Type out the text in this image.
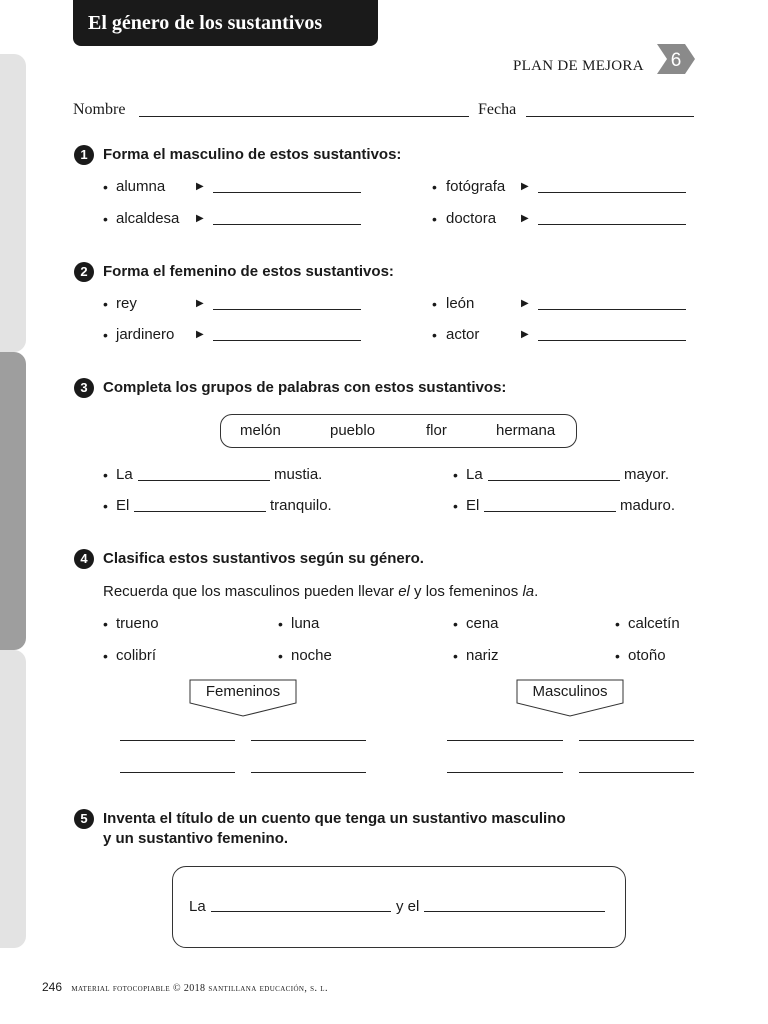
El género de los sustantivos
PLAN DE MEJORA 6
Nombre	Fecha
1	Forma el masculino de estos sustantivos:
• alumna	▶	• fotógrafa ▶
• alcaldesa ▶	• doctora ▶
2	Forma el femenino de estos sustantivos:
• rey	▶	• león	▶
• jardinero ▶	• actor	▶
3	Completa los grupos de palabras con estos sustantivos:
melón	pueblo	flor	hermana
• La	mustia.	• La	mayor.
• El	tranquilo.	• El	maduro.
4	Clasifica estos sustantivos según su género.
Recuerda que los masculinos pueden llevar el y los femeninos la.
• trueno	• luna	• cena	• calcetín
• colibrí	• noche	• nariz	• otoño
Femeninos	Masculinos
5	Inventa el título de un cuento que tenga un sustantivo masculino
y un sustantivo femenino.
La	y el
246 material fotocopiable © 2018 santillana educación, s. l.
